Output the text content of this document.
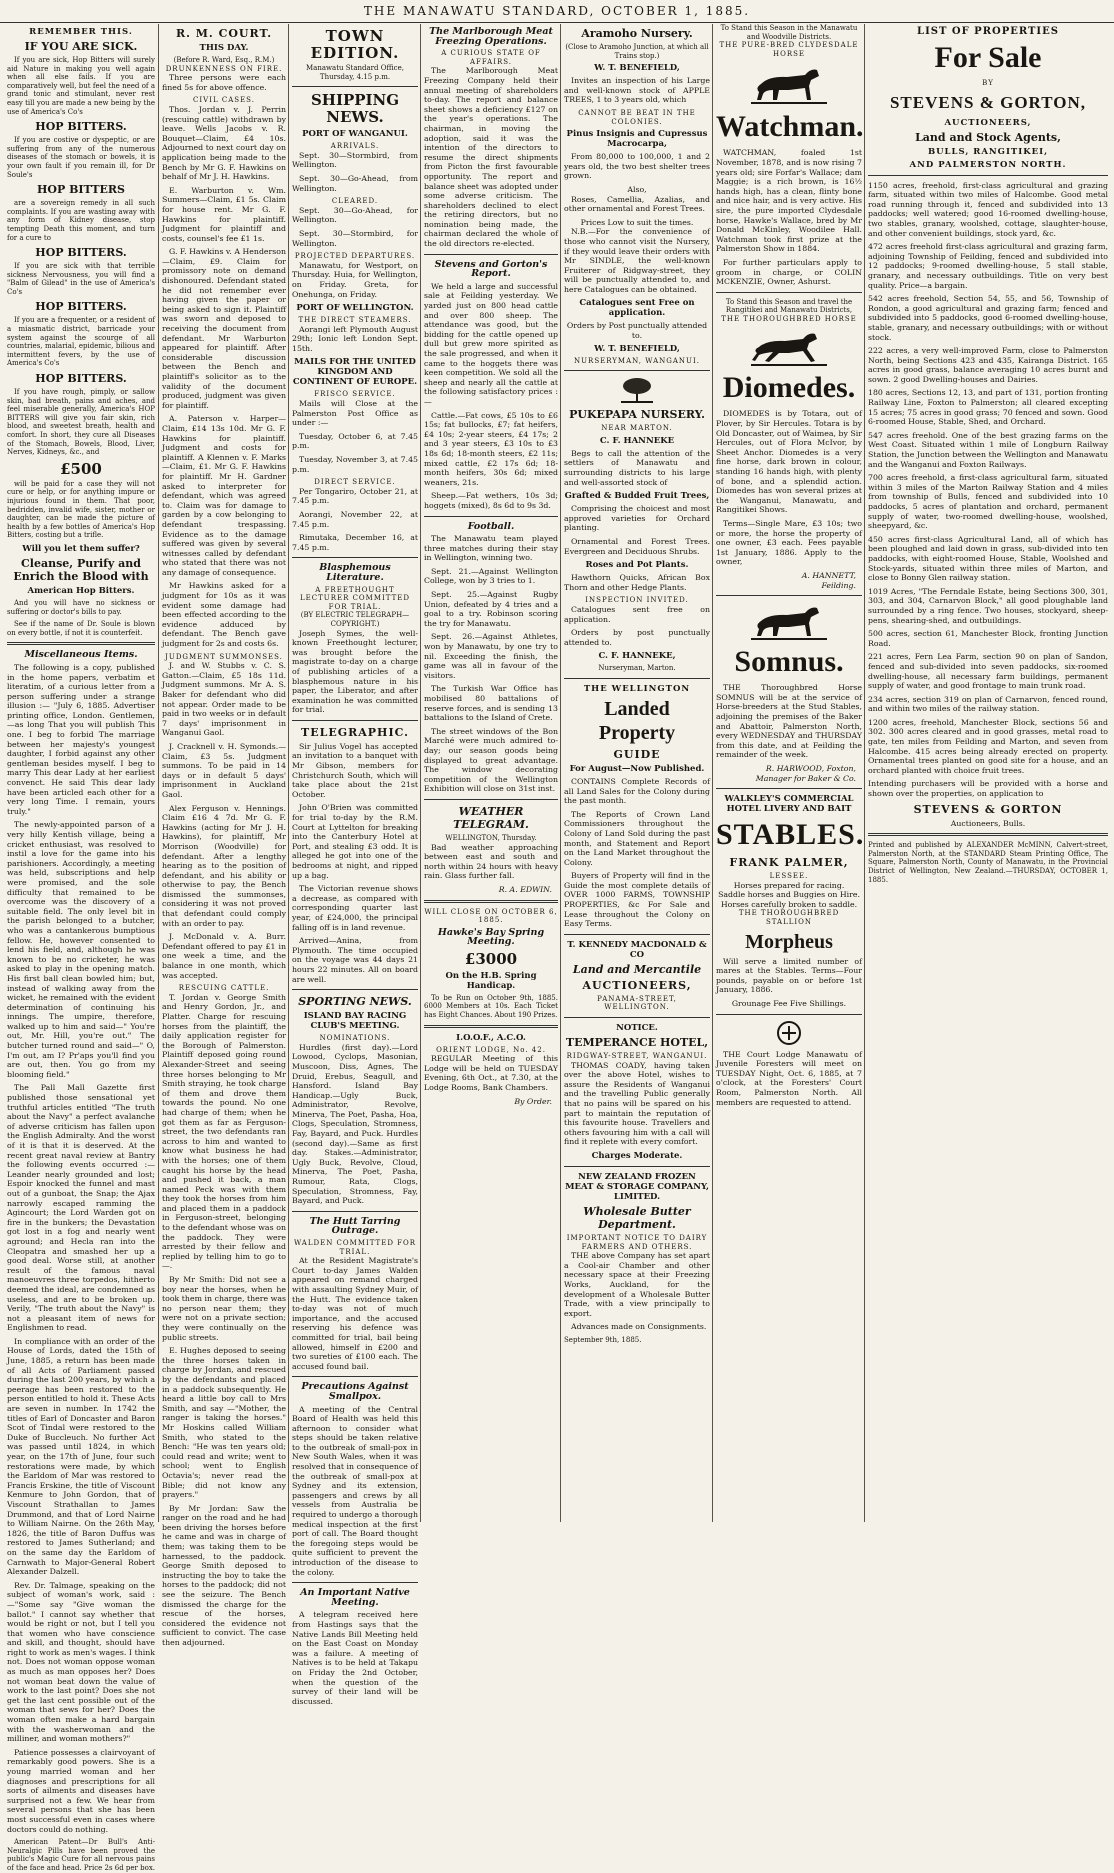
THE MANAWATU STANDARD, OCTOBER 1, 1885.
REMEMBER THIS.
IF YOU ARE SICK.

If you are sick, Hop Bitters will surely aid Nature in making you well again when all else fails. If you are comparatively well, but feel the need of a grand tonic and stimulant, never rest easy till you are made a new being by the use of America's Co's

HOP BITTERS.

If you are costive or dyspeptic, or are suffering from any of the numerous diseases of the stomach or bowels, it is your own fault if you remain ill, for Dr Soule's

HOP BITTERS

are a sovereign remedy in all such complaints. If you are wasting away with any form of Kidney disease, stop tempting Death this moment, and turn for a cure to

HOP BITTERS.

If you are sick with that terrible sickness Nervousness, you will find a "Balm of Gilead" in the use of America's Co's

HOP BITTERS.

If you are a frequenter, or a resident of a miasmatic district, barricade your system against the scourge of all countries, malarial, epidemic, bilious and intermittent fevers, by the use of America's Co's

HOP BITTERS.

If you have rough, pimply, or sallow skin, bad breath, pains and aches, and feel miserable generally, America's HOP BITTERS will give you fair skin, rich blood, and sweetest breath, health and comfort. In short, they cure all Diseases of the Stomach, Bowels, Blood, Liver, Nerves, Kidneys, &c., and

£500

will be paid for a case they will not cure or help, or for anything impure or injurious found in them. That poor, bedridden, invalid wife, sister, mother or daughter, can be made the picture of health by a few bottles of America's Hop Bitters, costing but a trifle.

Will you let them suffer?
Cleanse, Purify and Enrich the Blood with
American Hop Bitters.

And you will have no sickness or suffering or doctor's bills to pay.

See if the name of Dr. Soule is blown on every bottle, if not it is counterfeit.

Miscellaneous Items.

The following is a copy, published in the home papers, verbatim et literatim, of a curious letter from a person suffering under a strange illusion :— "July 6, 1885. Advertiser printing office, London. Gentlemen,—as long That you will publish This one. I beg to forbid The marriage between her majesty's youngest daughter, I forbid against any other gentleman besides myself. I beg to marry This dear Lady at her earliest convenct. He said This dear lady have been articled each other for a very long Time. I remain, yours truly."

The newly-appointed parson of a very hilly Kentish village, being a cricket enthusiast, was resolved to instil a love for the game into his parishioners. Accordingly, a meeting was held, subscriptions and help were promised, and the sole difficulty that remained to be overcome was the discovery of a suitable field. The only level bit in the parish belonged to a butcher, who was a cantankerous bumptious fellow. He, however consented to lend his field, and, although he was known to be no cricketer, he was asked to play in the opening match. His first ball clean bowled him; but, instead of walking away from the wicket, he remained with the evident determination of continuing his innings. The umpire, therefore, walked up to him and said—" You're out, Mr. Hill, you're out." The butcher turned round and said—" O, I'm out, am I? Pr'aps you'll find you are out, then. You go from my blooming field."

The Pall Mall Gazette first published those sensational yet truthful articles entitled "The truth about the Navy" a perfect avalanche of adverse criticism has fallen upon the English Admiralty. And the worst of it is that it is deserved. At the recent great naval review at Bantry the following events occurred :—Leander nearly grounded and lost; Espoir knocked the funnel and mast out of a gunboat, the Snap; the Ajax narrowly escaped ramming the Agincourt; the Lord Warden got on fire in the bunkers; the Devastation got lost in a fog and nearly went aground; and Hecla ran into the Cleopatra and smashed her up a good deal. Worse still, at another result of the famous naval manoeuvres three torpedos, hitherto deemed the ideal, are condemned as useless, and are to be broken up. Verily, "The truth about the Navy" is not a pleasant item of news for Englishmen to read.

In compliance with an order of the House of Lords, dated the 15th of June, 1885, a return has been made of all Acts of Parliament passed during the last 200 years, by which a peerage has been restored to the person entitled to hold it. These Acts are seven in number. In 1742 the titles of Earl of Doncaster and Baron Scot of Tindal were restored to the Duke of Buccleuch. No further Act was passed until 1824, in which year, on the 17th of June, four such restorations were made, by which the Earldom of Mar was restored to Francis Erskine, the title of Viscount Kenmure to John Gordon, that of Viscount Strathallan to James Drummond, and that of Lord Nairne to William Nairne. On the 26th May, 1826, the title of Baron Duffus was restored to James Sutherland; and on the same day the Earldom of Carnwath to Major-General Robert Alexander Dalzell.

Rev. Dr. Talmage, speaking on the subject of woman's work, said :—"Some say "Give woman the ballot." I cannot say whether that would be right or not, but I tell you that women who have conscience and skill, and thought, should have right to work as men's wages. I think not. Does not woman oppose woman as much as man opposes her? Does not woman beat down the value of work to the last point? Does she not get the last cent possible out of the woman that sews for her? Does the woman often make a hard bargain with the washerwoman and the milliner, and woman mothers?"

Patience possesses a clairvoyant of remarkably good powers. She is a young married woman and her diagnoses and prescriptions for all sorts of ailments and diseases have surprised not a few. We hear from several persons that she has been most successful even in cases where doctors could do nothing.

American Patent—Dr Bull's Anti-Neuralgic Pills have been proved the public's Magic Cure for all nervous pains of the face and head. Price 2s 6d per box.

R. M. COURT.
THIS DAY.
(Before R. Ward, Esq., R.M.)
DRUNKENNESS ON FIRE.

Three persons were each fined 5s for above offence.

CIVIL CASES.

Thos. Jordan v. J. Perrin (rescuing cattle) withdrawn by leave. Wells Jacobs v. R. Bouquet—Claim, £4 10s. Adjourned to next court day on application being made to the Bench by Mr G. F. Hawkins on behalf of Mr J. H. Hawkins.

E. Warburton v. Wm. Summers—Claim, £1 5s. Claim for house rent. Mr G. F. Hawkins for plaintiff. Judgment for plaintiff and costs, counsel's fee £1 1s.

G. F. Hawkins v. A Henderson—Claim, £9. Claim for promissory note on demand dishonoured. Defendant stated he did not remember ever having given the paper or being asked to sign it. Plaintiff was sworn and deposed to receiving the document from defendant. Mr Warburton appeared for plaintiff. After considerable discussion between the Bench and plaintiff's solicitor as to the validity of the document produced, judgment was given for plaintiff.

A. Paterson v. Harper—Claim, £14 13s 10d. Mr G. F. Hawkins for plaintiff. Judgment and costs for plaintiff. A Klennen v. F. Marks—Claim, £1. Mr G. F. Hawkins for plaintiff. Mr H. Gardner asked to interpreter for defendant, which was agreed to. Claim was for damage to garden by a cow belonging to defendant trespassing. Evidence as to the damage suffered was given by several witnesses called by defendant who stated that there was not any damage of consequence.

Mr Hawkins asked for a judgment for 10s as it was evident some damage had been effected according to the evidence adduced by defendant. The Bench gave judgment for 2s and costs 6s.

JUDGMENT SUMMONSES.

J. and W. Stubbs v. C. S. Gatton.—Claim, £5 18s 11d. Judgment summons. Mr A. S. Baker for defendant who did not appear. Order made to be paid in two weeks or in default 7 days' imprisonment in Wanganui Gaol.

J. Cracknell v. H. Symonds.—Claim, £3 5s. Judgment summons. To be paid in 14 days or in default 5 days' imprisonment in Auckland Gaol.

Alex Ferguson v. Hennings. Claim £16 4 7d. Mr G. F. Hawkins (acting for Mr J. H. Hawkins), for plaintiff, Mr Morrison (Woodville) for defendant. After a lengthy hearing as to the position of defendant, and his ability or otherwise to pay, the Bench dismissed the summonses, considering it was not proved that defendant could comply with an order to pay.

J. McDonald v. A. Burr. Defendant offered to pay £1 in one week a time, and the balance in one month, which was accepted.

RESCUING CATTLE.

T. Jordan v. George Smith and Henry Gordon, Jr., and Platter. Charge for rescuing horses from the plaintiff, the daily application register for the Borough of Palmerston. Plaintiff deposed going round Alexander-Street and seeing three horses belonging to Mr Smith straying, he took charge of them and drove them towards the pound. No one had charge of them; when he got them as far as Ferguson-street, the two defendants ran across to him and wanted to know what business he had with the horses; one of them caught his horse by the head and pushed it back, a man named Peck was with them they took the horses from him and placed them in a paddock in Ferguson-street, belonging to the defendant whose was on the paddock. They were arrested by their fellow and replied by telling him to go to—.

By Mr Smith: Did not see a boy near the horses, when he took them in charge, there was no person near them; they were not on a private section; they were continually on the public streets.

E. Hughes deposed to seeing the three horses taken in charge by Jordan, and rescued by the defendants and placed in a paddock subsequently. He heard a little boy call to Mrs Smith, and say —"Mother, the ranger is taking the horses." Mr Hoskins called William Smith, who stated to the Bench: "He was ten years old; could read and write; went to school; went to English Octavia's; never read the Bible; did not know any prayers."

By Mr Jordan: Saw the ranger on the road and he had been driving the horses before he came and was in charge of them; was taking them to be harnessed, to the paddock. George Smith deposed to instructing the boy to take the horses to the paddock; did not see the seizure. The Bench dismissed the charge for the rescue of the horses, considered the evidence not sufficient to convict. The case then adjourned.

TOWN EDITION.
Manawatu Standard Office,
Thursday, 4.15 p.m.
SHIPPING NEWS.
PORT OF WANGANUI.
ARRIVALS.

Sept. 30—Stormbird, from Wellington.

Sept. 30—Go-Ahead, from Wellington.

CLEARED.

Sept. 30—Go-Ahead, for Wellington.

Sept. 30—Stormbird, for Wellington.

PROJECTED DEPARTURES.

Manawatu, for Westport, on Thursday. Huia, for Wellington, on Friday. Greta, for Onehunga, on Friday.

PORT OF WELLINGTON.
THE DIRECT STEAMERS.

Aorangi left Plymouth August 29th; Ionic left London Sept. 15th.

MAILS FOR THE UNITED KINGDOM AND CONTINENT OF EUROPE.
FRISCO SERVICE.

Mails will Close at the Palmerston Post Office as under :—

Tuesday, October 6, at 7.45 p.m.

Tuesday, November 3, at 7.45 p.m.

DIRECT SERVICE.

Per Tongariro, October 21, at 7.45 p.m.

Aorangi, November 22, at 7.45 p.m.

Rimutaka, December 16, at 7.45 p.m.

Blasphemous Literature.
A FREETHOUGHT LECTURER COMMITTED FOR TRIAL.
(BY ELECTRIC TELEGRAPH—COPYRIGHT.)

Joseph Symes, the well-known Freethought lecturer, was brought before the magistrate to-day on a charge of publishing articles of a blasphemous nature in his paper, the Liberator, and after examination he was committed for trial.

TELEGRAPHIC.

Sir Julius Vogel has accepted an invitation to a banquet with Mr Gibson, members for Christchurch South, which will take place about the 21st October.

John O'Brien was committed for trial to-day by the R.M. Court at Lyttelton for breaking into the Canterbury Hotel at Port, and stealing £3 odd. It is alleged he got into one of the bedrooms at night, and ripped up a bag.

The Victorian revenue shows a decrease, as compared with corresponding quarter last year, of £24,000, the principal falling off is in land revenue.

Arrived—Anina, from Plymouth. The time occupied on the voyage was 44 days 21 hours 22 minutes. All on board are well.

SPORTING NEWS.
ISLAND BAY RACING CLUB'S MEETING.
NOMINATIONS.

Hurdles (first day).—Lord Lowood, Cyclops, Masonian, Muscoon, Diss, Agnes, The Druid, Erebus, Seagull, and Hansford. Island Bay Handicap.—Ugly Buck, Administrator, Revolve, Minerva, The Poet, Pasha, Hoa, Clogs, Speculation, Stromness, Fay, Bayard, and Puck. Hurdles (second day).—Same as first day. Stakes.—Administrator, Ugly Buck, Revolve, Cloud, Minerva, The Poet, Pasha, Rumour, Rata, Clogs, Speculation, Stromness, Fay, Bayard, and Puck.

The Hutt Tarring Outrage.
WALDEN COMMITTED FOR TRIAL.

At the Resident Magistrate's Court to-day James Walden appeared on remand charged with assaulting Sydney Muir, of the Hutt. The evidence taken to-day was not of much importance, and the accused reserving his defence was committed for trial, bail being allowed, himself in £200 and two sureties of £100 each. The accused found bail.

Precautions Against Smallpox.

A meeting of the Central Board of Health was held this afternoon to consider what steps should be taken relative to the outbreak of small-pox in New South Wales, when it was resolved that in consequence of the outbreak of small-pox at Sydney and its extension, passengers and crews by all vessels from Australia be required to undergo a thorough medical inspection at the first port of call. The Board thought the foregoing steps would be quite sufficient to prevent the introduction of the disease to the colony.

An Important Native Meeting.

A telegram received here from Hastings says that the Native Lands Bill Meeting held on the East Coast on Monday was a failure. A meeting of Natives is to be held at Takapu on Friday the 2nd October, when the question of the survey of their land will be discussed.

The Marlborough Meat Freezing Operations.
A CURIOUS STATE OF AFFAIRS.

The Marlborough Meat Freezing Company held their annual meeting of shareholders to-day. The report and balance sheet shows a deficiency £127 on the year's operations. The chairman, in moving the adoption, said it was the intention of the directors to resume the direct shipments from Picton the first favourable opportunity. The report and balance sheet was adopted under some adverse criticism. The shareholders declined to elect the retiring directors, but no nomination being made, the chairman declared the whole of the old directors re-elected.

Stevens and Gorton's Report.

We held a large and successful sale at Feilding yesterday. We yarded just on 800 head cattle and over 800 sheep. The attendance was good, but the bidding for the cattle opened up dull but grew more spirited as the sale progressed, and when it came to the hoggets there was keen competition. We sold all the sheep and nearly all the cattle at the following satisfactory prices :—

Cattle.—Fat cows, £5 10s to £6 15s; fat bullocks, £7; fat heifers, £4 10s; 2-year steers, £4 17s; 2 and 3 year steers, £3 10s to £3 18s 6d; 18-month steers, £2 11s; mixed cattle, £2 17s 6d; 18-month heifers, 30s 6d; mixed weaners, 21s.

Sheep.—Fat wethers, 10s 3d; hoggets (mixed), 8s 6d to 9s 3d.

Football.

The Manawatu team played three matches during their stay in Wellington, winning two.

Sept. 21.—Against Wellington College, won by 3 tries to 1.

Sept. 25.—Against Rugby Union, defeated by 4 tries and a goal to a try. Robinson scoring the try for Manawatu.

Sept. 26.—Against Athletes, won by Manawatu, by one try to nil. Exceeding the finish, the game was all in favour of the visitors.

The Turkish War Office has mobilised 80 battalions of reserve forces, and is sending 13 battalions to the Island of Crete.

The street windows of the Bon Marché were much admired to-day; our season goods being displayed to great advantage. The window decorating competition of the Wellington Exhibition will close on 31st inst.

WEATHER TELEGRAM.
WELLINGTON, Thursday.

Bad weather approaching between east and south and north within 24 hours with heavy rain. Glass further fall.

R. A. EDWIN.
WILL CLOSE ON OCTOBER 6, 1885.
Hawke's Bay Spring Meeting.
£3000
On the H.B. Spring Handicap.

To be Run on October 9th, 1885. 6000 Members at 10s. Each Ticket has Eight Chances. About 190 Prizes.

I.O.O.F., A.C.O.
ORIENT LODGE, No. 42.

REGULAR Meeting of this Lodge will be held on TUESDAY Evening, 6th Oct., at 7.30, at the Lodge Rooms, Bank Chambers.

By Order.
Aramoho Nursery.
(Close to Aramoho Junction, at which all Trains stop.)
W. T. BENEFIELD,

Invites an inspection of his Large and well-known stock of APPLE TREES, 1 to 3 years old, which

CANNOT BE BEAT IN THE COLONIES.
Pinus Insignis and Cupressus Macrocarpa,

From 80,000 to 100,000, 1 and 2 years old, the two best shelter trees grown.

Also,

Roses, Camellia, Azalias, and other ornamental and Forest Trees.

Prices Low to suit the times.

N.B.—For the convenience of those who cannot visit the Nursery, if they would leave their orders with Mr SINDLE, the well-known Fruiterer of Ridgway-street, they will be punctually attended to, and here Catalogues can be obtained.

Catalogues sent Free on application.
Orders by Post punctually attended to.
W. T. BENEFIELD,
NURSERYMAN, WANGANUI.
PUKEPAPA NURSERY.
NEAR MARTON.
C. F. HANNEKE

Begs to call the attention of the settlers of Manawatu and surrounding districts to his large and well-assorted stock of

Grafted & Budded Fruit Trees,

Comprising the choicest and most approved varieties for Orchard planting.

Ornamental and Forest Trees. Evergreen and Deciduous Shrubs.

Roses and Pot Plants.

Hawthorn Quicks, African Box Thorn and other Hedge Plants.

INSPECTION INVITED.

Catalogues sent free on application.

Orders by post punctually attended to.

C. F. HANNEKE,
Nurseryman, Marton.
THE WELLINGTON
Landed Property
GUIDE
For August—Now Published.

CONTAINS Complete Records of all Land Sales for the Colony during the past month.

The Reports of Crown Land Commissioners throughout the Colony of Land Sold during the past month, and Statement and Report on the Land Market throughout the Colony.

Buyers of Property will find in the Guide the most complete details of OVER 1000 FARMS, TOWNSHIP PROPERTIES, &c For Sale and Lease throughout the Colony on Easy Terms.

T. KENNEDY MACDONALD & CO
Land and Mercantile
AUCTIONEERS,
PANAMA-STREET, WELLINGTON.
NOTICE.
TEMPERANCE HOTEL,
RIDGWAY-STREET, WANGANUI.

THOMAS COADY, having taken over the above Hotel, wishes to assure the Residents of Wanganui and the travelling Public generally that no pains will be spared on his part to maintain the reputation of this favourite house. Travellers and others favouring him with a call will find it replete with every comfort.

Charges Moderate.
NEW ZEALAND FROZEN MEAT & STORAGE COMPANY, LIMITED.
Wholesale Butter Department.
IMPORTANT NOTICE TO DAIRY FARMERS AND OTHERS.

THE above Company has set apart a Cool-air Chamber and other necessary space at their Freezing Works, Auckland, for the development of a Wholesale Butter Trade, with a view principally to export.

Advances made on Consignments.

September 9th, 1885.
To Stand this Season in the Manawatu and Woodville Districts.
THE PURE-BRED CLYDESDALE HORSE
Watchman.

WATCHMAN, foaled 1st November, 1878, and is now rising 7 years old; sire Forfar's Wallace; dam Maggie; is a rich brown, is 16½ hands high, has a clean, flinty bone and nice hair, and is very active. His sire, the pure imported Clydesdale horse, Hawke's Wallace, bred by Mr Donald McKinley, Woodilee Hall. Watchman took first prize at the Palmerston Show in 1884.

For further particulars apply to groom in charge, or COLIN MCKENZIE, Owner, Ashurst.

To Stand this Season and travel the Rangitikei and Manawatu Districts,
THE THOROUGHBRED HORSE
Diomedes.

DIOMEDES is by Totara, out of Plover, by Sir Hercules. Totara is by Old Doncaster, out of Waimea, by Sir Hercules, out of Flora McIvor, by Sheet Anchor. Diomedes is a very fine horse, dark brown in colour, standing 16 hands high, with plenty of bone, and a splendid action. Diomedes has won several prizes at the Wanganui, Manawatu, and Rangitikei Shows.

Terms—Single Mare, £3 10s; two or more, the horse the property of one owner, £3 each. Fees payable 1st January, 1886. Apply to the owner,

A. HANNETT,
Feilding.
Somnus.

THE Thoroughbred Horse SOMNUS will be at the service of Horse-breeders at the Stud Stables, adjoining the premises of the Baker and Abattoir, Palmerston North, every WEDNESDAY and THURSDAY from this date, and at Feilding the remainder of the week.

R. HARWOOD, Foxton,
Manager for Baker & Co.
WALKLEY'S COMMERCIAL HOTEL LIVERY AND BAIT
STABLES.
FRANK PALMER,
LESSEE.
Horses prepared for racing.
Saddle horses and Buggies on Hire.
Horses carefully broken to saddle.
THE THOROUGHBRED STALLION
Morpheus

Will serve a limited number of mares at the Stables. Terms—Four pounds, payable on or before 1st January, 1886.

Grounage Fee Five Shillings.

THE Court Lodge Manawatu of Juvenile Foresters will meet on TUESDAY Night, Oct. 6, 1885, at 7 o'clock, at the Foresters' Court Room, Palmerston North. All members are requested to attend.

LIST OF PROPERTIES
For Sale
BY
STEVENS & GORTON,
AUCTIONEERS,
Land and Stock Agents,
BULLS, RANGITIKEI,
AND PALMERSTON NORTH.

1150 acres, freehold, first-class agricultural and grazing farm, situated within two miles of Halcombe. Good metal road running through it, fenced and subdivided into 13 paddocks; well watered; good 16-roomed dwelling-house, two stables, granary, woolshed, cottage, slaughter-house, and other convenient buildings, stock yard, &c.

472 acres freehold first-class agricultural and grazing farm, adjoining Township of Feilding, fenced and subdivided into 12 paddocks; 9-roomed dwelling-house, 5 stall stable, granary, and necessary outbuildings. Title on very best quality. Price—a bargain.

542 acres freehold, Section 54, 55, and 56, Township of Rondon, a good agricultural and grazing farm; fenced and subdivided into 5 paddocks, good 6-roomed dwelling-house, stable, granary, and necessary outbuildings; with or without stock.

222 acres, a very well-improved Farm, close to Palmerston North, being Sections 423 and 435, Kairanga District. 165 acres in good grass, balance averaging 10 acres burnt and sown. 2 good Dwelling-houses and Dairies.

180 acres, Sections 12, 13, and part of 131, portion fronting Railway Line, Foxton to Palmerston; all cleared excepting 15 acres; 75 acres in good grass; 70 fenced and sown. Good 6-roomed House, Stable, Shed, and Orchard.

547 acres freehold. One of the best grazing farms on the West Coast. Situated within 1 mile of Longburn Railway Station, the Junction between the Wellington and Manawatu and the Wanganui and Foxton Railways.

700 acres freehold, a first-class agricultural farm, situated within 3 miles of the Marton Railway Station and 4 miles from township of Bulls, fenced and subdivided into 10 paddocks, 5 acres of plantation and orchard, permanent supply of water, two-roomed dwelling-house, woolshed, sheepyard, &c.

450 acres first-class Agricultural Land, all of which has been ploughed and laid down in grass, sub-divided into ten paddocks, with eight-roomed House, Stable, Woolshed and Stock-yards, situated within three miles of Marton, and close to Bonny Glen railway station.

1019 Acres, "The Ferndale Estate, being Sections 300, 301, 303, and 304, Carnarvon Block," all good ploughable land surrounded by a ring fence. Two houses, stockyard, sheep-pens, shearing-shed, and outbuildings.

500 acres, section 61, Manchester Block, fronting Junction Road.

221 acres, Fern Lea Farm, section 90 on plan of Sandon, fenced and sub-divided into seven paddocks, six-roomed dwelling-house, all necessary farm buildings, permanent supply of water, and good frontage to main trunk road.

234 acres, section 319 on plan of Carnarvon, fenced round, and within two miles of the railway station.

1200 acres, freehold, Manchester Block, sections 56 and 302. 300 acres cleared and in good grasses, metal road to gate, ten miles from Feilding and Marton, and seven from Halcombe. 415 acres being already erected on property. Ornamental trees planted on good site for a house, and an orchard planted with choice fruit trees.

Intending purchasers will be provided with a horse and shown over the properties, on application to

STEVENS & GORTON
Auctioneers, Bulls.

Printed and published by ALEXANDER McMINN, Calvert-street, Palmerston North, at the STANDARD Steam Printing Office, The Square, Palmerston North, County of Manawatu, in the Provincial District of Wellington, New Zealand.—THURSDAY, OCTOBER 1, 1885.
